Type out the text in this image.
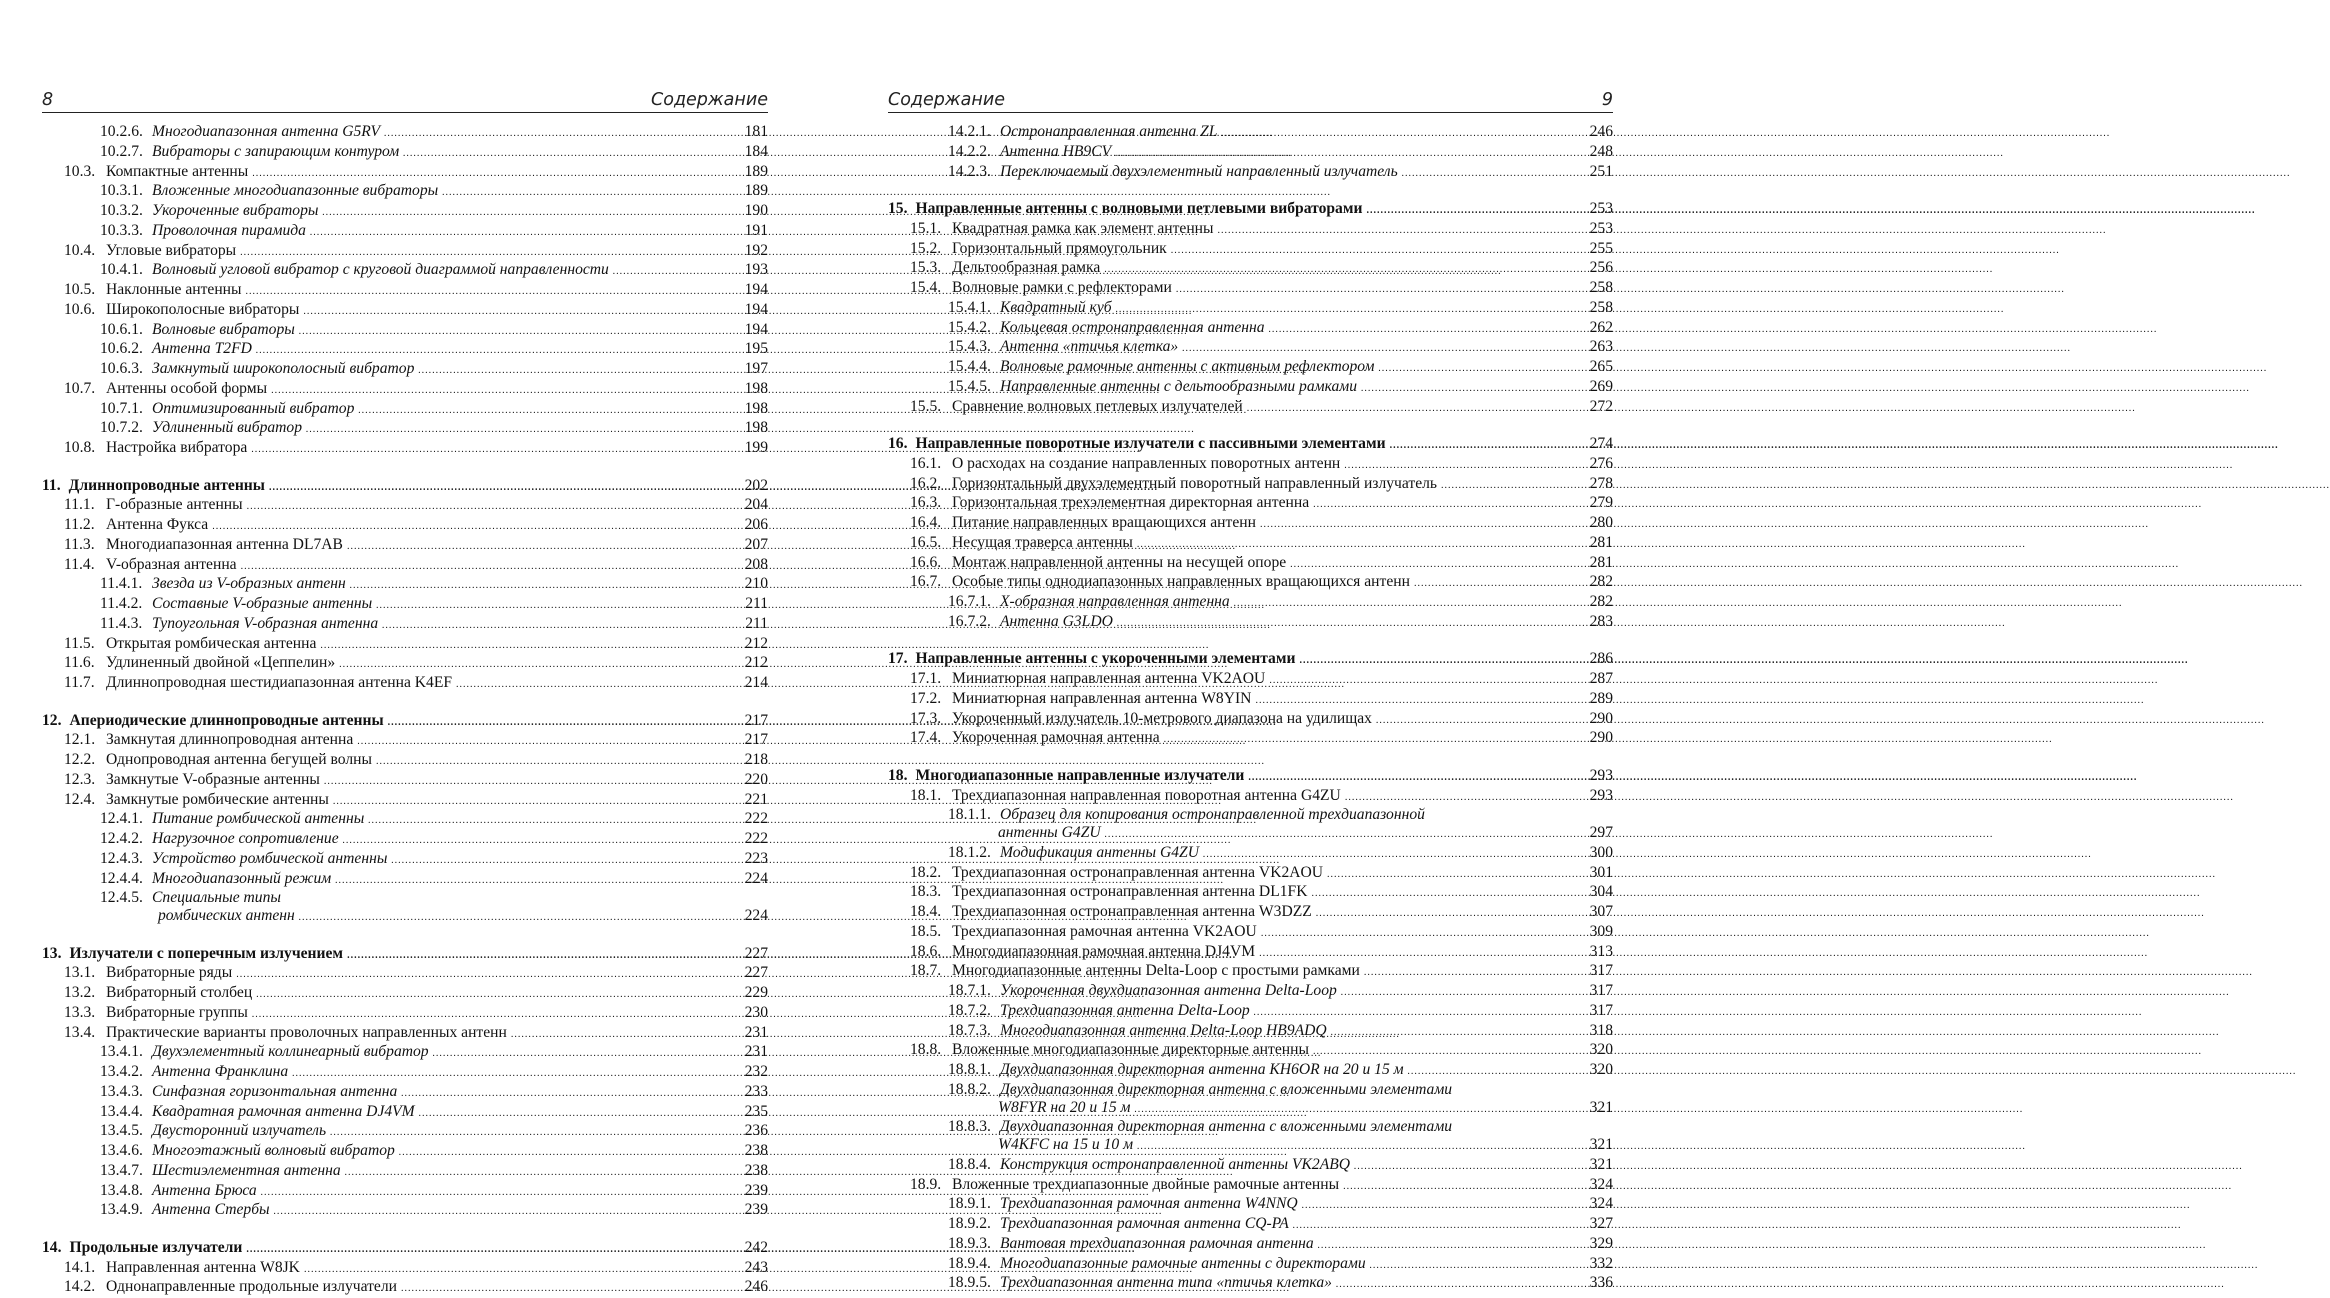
8	Содержание
10.2.6. Многодиапазонная антенна G5RV .....	181
10.2.7. Вибраторы с запирающим контуром .....	184
10.3. Компактные антенны .....	189
10.3.1. Вложенные многодиапазонные вибраторы .....	189
10.3.2. Укороченные вибраторы .....	190
10.3.3. Проволочная пирамида .....	191
10.4. Угловые вибраторы .....	192
10.4.1. Волновый угловой вибратор с круговой диаграммой направленности .....	193
10.5. Наклонные антенны .....	194
10.6. Широкополосные вибраторы .....	194
10.6.1. Волновые вибраторы .....	194
10.6.2. Антенна T2FD .....	195
10.6.3. Замкнутый широкополосный вибратор .....	197
10.7. Антенны особой формы .....	198
10.7.1. Оптимизированный вибратор .....	198
10.7.2. Удлиненный вибратор .....	198
10.8. Настройка вибратора .....	199
11. Длиннопроводные антенны .....	202
11.1. Г-образные антенны .....	204
11.2. Антенна Фукса .....	206
11.3. Многодиапазонная антенна DL7AB .....	207
11.4. V-образная антенна .....	208
11.4.1. Звезда из V-образных антенн .....	210
11.4.2. Составные V-образные антенны .....	211
11.4.3. Тупоугольная V-образная антенна .....	211
11.5. Открытая ромбическая антенна .....	212
11.6. Удлиненный двойной «Цеппелин» .....	212
11.7. Длиннопроводная шестидиапазонная антенна K4EF .....	214
12. Апериодические длиннопроводные антенны .....	217
12.1. Замкнутая длиннопроводная антенна .....	217
12.2. Однопроводная антенна бегущей волны .....	218
12.3. Замкнутые V-образные антенны .....	220
12.4. Замкнутые ромбические антенны .....	221
12.4.1. Питание ромбической антенны .....	222
12.4.2. Нагрузочное сопротивление .....	222
12.4.3. Устройство ромбической антенны .....	223
12.4.4. Многодиапазонный режим .....	224
12.4.5. Специальные типы
ромбических антенн .....	224
13. Излучатели с поперечным излучением .....	227
13.1. Вибраторные ряды .....	227
13.2. Вибраторный столбец .....	229
13.3. Вибраторные группы .....	230
13.4. Практические варианты проволочных направленных антенн .....	231
13.4.1. Двухэлементный коллинеарный вибратор .....	231
13.4.2. Антенна Франклина .....	232
13.4.3. Синфазная горизонтальная антенна .....	233
13.4.4. Квадратная рамочная антенна DJ4VM .....	235
13.4.5. Двусторонний излучатель .....	236
13.4.6. Многоэтажный волновый вибратор .....	238
13.4.7. Шестиэлементная антенна .....	238
13.4.8. Антенна Брюса .....	239
13.4.9. Антенна Стербы .....	239
14. Продольные излучатели .....	242
14.1. Направленная антенна W8JK .....	243
14.2. Однонаправленные продольные излучатели .....	246
Содержание	9
14.2.1. Остронаправленная антенна ZL .....	246
14.2.2. Антенна HB9CV .....	248
14.2.3. Переключаемый двухэлементный направленный излучатель .....	251
15. Направленные антенны с волновыми петлевыми вибраторами .....	253
15.1. Квадратная рамка как элемент антенны .....	253
15.2. Горизонтальный прямоугольник .....	255
15.3. Дельтообразная рамка .....	256
15.4. Волновые рамки с рефлекторами .....	258
15.4.1. Квадратный куб .....	258
15.4.2. Кольцевая остронаправленная антенна .....	262
15.4.3. Антенна «птичья клетка» .....	263
15.4.4. Волновые рамочные антенны с активным рефлектором .....	265
15.4.5. Направленные антенны с дельтообразными рамками .....	269
15.5. Сравнение волновых петлевых излучателей .....	272
16. Направленные поворотные излучатели с пассивными элементами .....	274
16.1. О расходах на создание направленных поворотных антенн .....	276
16.2. Горизонтальный двухэлементный поворотный направленный излучатель .....	278
16.3. Горизонтальная трехэлементная директорная антенна .....	279
16.4. Питание направленных вращающихся антенн .....	280
16.5. Несущая траверса антенны .....	281
16.6. Монтаж направленной антенны на несущей опоре .....	281
16.7. Особые типы однодиапазонных направленных вращающихся антенн .....	282
16.7.1. X-образная направленная антенна .....	282
16.7.2. Антенна G3LDO .....	283
17. Направленные антенны с укороченными элементами .....	286
17.1. Миниатюрная направленная антенна VK2AOU .....	287
17.2. Миниатюрная направленная антенна W8YIN .....	289
17.3. Укороченный излучатель 10-метрового диапазона на удилищах .....	290
17.4. Укороченная рамочная антенна .....	290
18. Многодиапазонные направленные излучатели .....	293
18.1. Трехдиапазонная направленная поворотная антенна G4ZU .....	293
18.1.1. Образец для копирования остронаправленной трехдиапазонной
антенны G4ZU .....	297
18.1.2. Модификация антенны G4ZU .....	300
18.2. Трехдиапазонная остронаправленная антенна VK2AOU .....	301
18.3. Трехдиапазонная остронаправленная антенна DL1FK .....	304
18.4. Трехдиапазонная остронаправленная антенна W3DZZ .....	307
18.5. Трехдиапазонная рамочная антенна VK2AOU .....	309
18.6. Многодиапазонная рамочная антенна DJ4VM .....	313
18.7. Многодиапазонные антенны Delta-Loop с простыми рамками .....	317
18.7.1. Укороченная двухдиапазонная антенна Delta-Loop .....	317
18.7.2. Трехдиапазонная антенна Delta-Loop .....	317
18.7.3. Многодиапазонная антенна Delta-Loop HB9ADQ .....	318
18.8. Вложенные многодиапазонные директорные антенны .....	320
18.8.1. Двухдиапазонная директорная антенна KH6OR на 20 и 15 м .....	320
18.8.2. Двухдиапазонная директорная антенна с вложенными элементами
W8FYR на 20 и 15 м .....	321
18.8.3. Двухдиапазонная директорная антенна с вложенными элементами
W4KFC на 15 и 10 м .....	321
18.8.4. Конструкция остронаправленной антенны VK2ABQ .....	321
18.9. Вложенные трехдиапазонные двойные рамочные антенны .....	324
18.9.1. Трехдиапазонная рамочная антенна W4NNQ .....	324
18.9.2. Трехдиапазонная рамочная антенна CQ-PA .....	327
18.9.3. Вантовая трехдиапазонная рамочная антенна .....	329
18.9.4. Многодиапазонные рамочные антенны с директорами .....	332
18.9.5. Трехдиапазонная антенна типа «птичья клетка» .....	336
